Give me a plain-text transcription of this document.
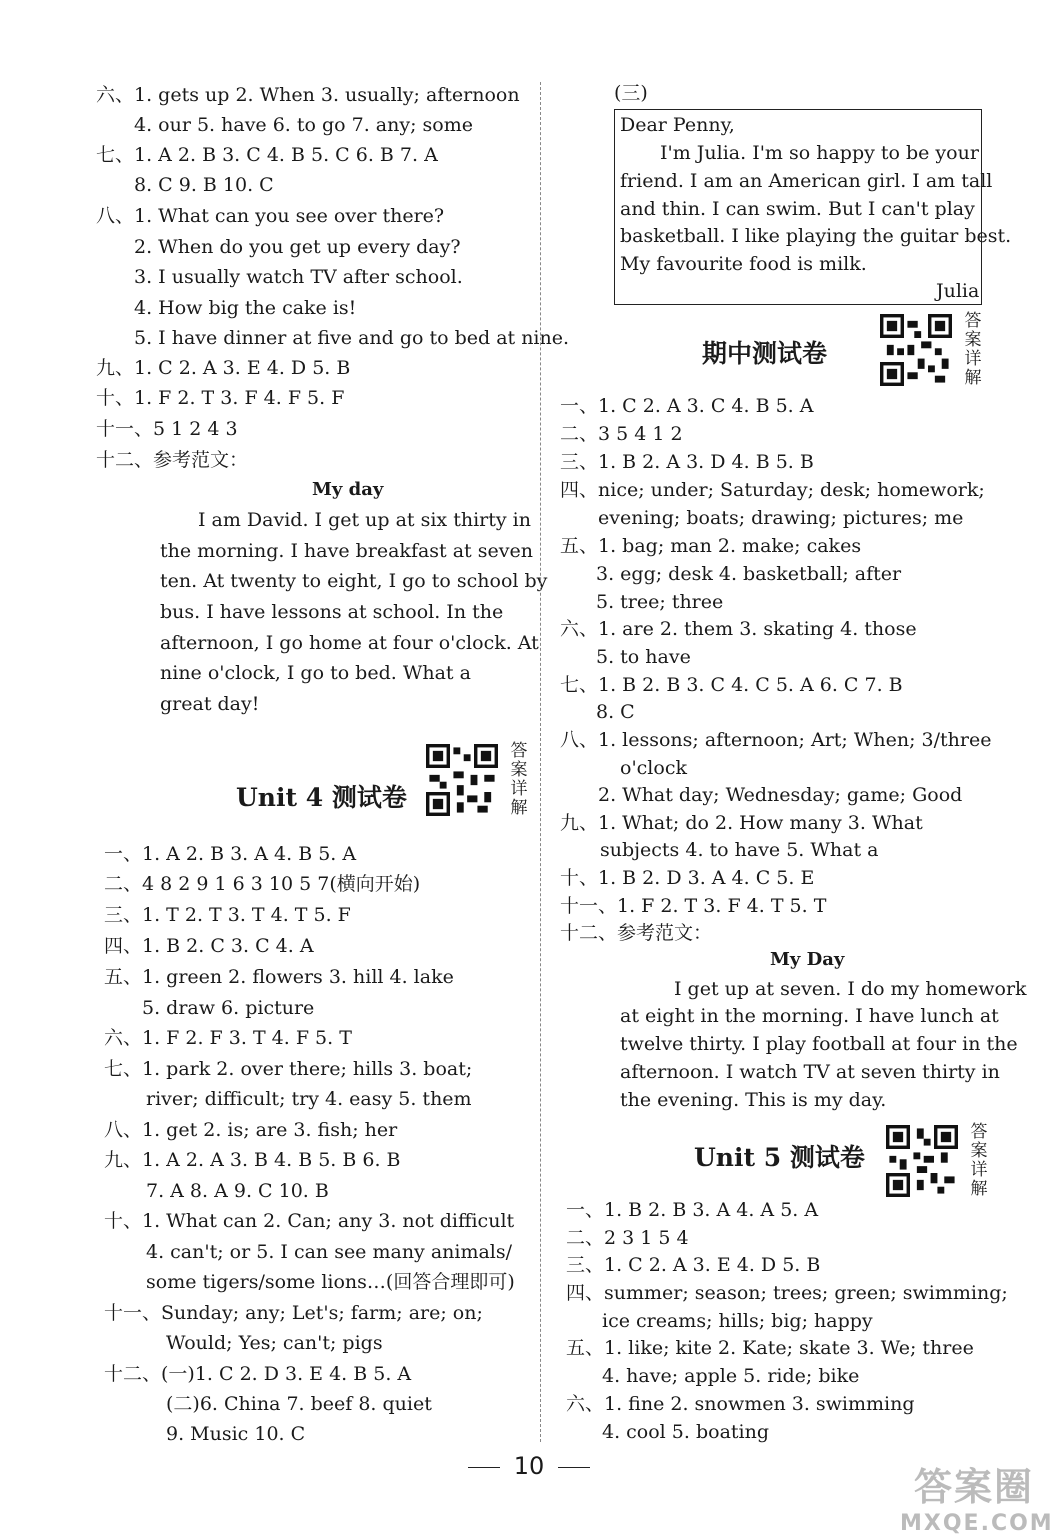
六、1. gets up 2. When 3. usually; afternoon
4. our 5. have 6. to go 7. any; some
七、1. A 2. B 3. C 4. B 5. C 6. B 7. A
8. C 9. B 10. C
八、1. What can you see over there?
2. When do you get up every day?
3. I usually watch TV after school.
4. How big the cake is!
5. I have dinner at five and go to bed at nine.
九、1. C 2. A 3. E 4. D 5. B
十、1. F 2. T 3. F 4. F 5. F
十一、5 1 2 4 3
十二、参考范文：
My day
I am David. I get up at six thirty in
the morning. I have breakfast at seven
ten. At twenty to eight, I go to school by
bus. I have lessons at school. In the
afternoon, I go home at four o'clock. At
nine o'clock, I go to bed. What a
great day!
Unit 4 测试卷
答
案
详
解
一、1. A 2. B 3. A 4. B 5. A
二、4 8 2 9 1 6 3 10 5 7(横向开始)
三、1. T 2. T 3. T 4. T 5. F
四、1. B 2. C 3. C 4. A
五、1. green 2. flowers 3. hill 4. lake
5. draw 6. picture
六、1. F 2. F 3. T 4. F 5. T
七、1. park 2. over there; hills 3. boat;
river; difficult; try 4. easy 5. them
八、1. get 2. is; are 3. fish; her
九、1. A 2. A 3. B 4. B 5. B 6. B
7. A 8. A 9. C 10. B
十、1. What can 2. Can; any 3. not difficult
4. can't; or 5. I can see many animals/
some tigers/some lions…(回答合理即可)
十一、Sunday; any; Let's; farm; are; on;
Would; Yes; can't; pigs
十二、(一)1. C 2. D 3. E 4. B 5. A
(二)6. China 7. beef 8. quiet
9. Music 10. C
(三)
Dear Penny,
I'm Julia. I'm so happy to be your
friend. I am an American girl. I am tall
and thin. I can swim. But I can't play
basketball. I like playing the guitar best.
My favourite food is milk.
Julia
期中测试卷
答
案
详
解
一、1. C 2. A 3. C 4. B 5. A
二、3 5 4 1 2
三、1. B 2. A 3. D 4. B 5. B
四、nice; under; Saturday; desk; homework;
evening; boats; drawing; pictures; me
五、1. bag; man 2. make; cakes
3. egg; desk 4. basketball; after
5. tree; three
六、1. are 2. them 3. skating 4. those
5. to have
七、1. B 2. B 3. C 4. C 5. A 6. C 7. B
8. C
八、1. lessons; afternoon; Art; When; 3/three
o'clock
2. What day; Wednesday; game; Good
九、1. What; do 2. How many 3. What
subjects 4. to have 5. What a
十、1. B 2. D 3. A 4. C 5. E
十一、1. F 2. T 3. F 4. T 5. T
十二、参考范文：
My Day
I get up at seven. I do my homework
at eight in the morning. I have lunch at
twelve thirty. I play football at four in the
afternoon. I watch TV at seven thirty in
the evening. This is my day.
Unit 5 测试卷
答
案
详
解
一、1. B 2. B 3. A 4. A 5. A
二、2 3 1 5 4
三、1. C 2. A 3. E 4. D 5. B
四、summer; season; trees; green; swimming;
ice creams; hills; big; happy
五、1. like; kite 2. Kate; skate 3. We; three
4. have; apple 5. ride; bike
六、1. fine 2. snowmen 3. swimming
4. cool 5. boating
10	答案圈
MXQE.COM
